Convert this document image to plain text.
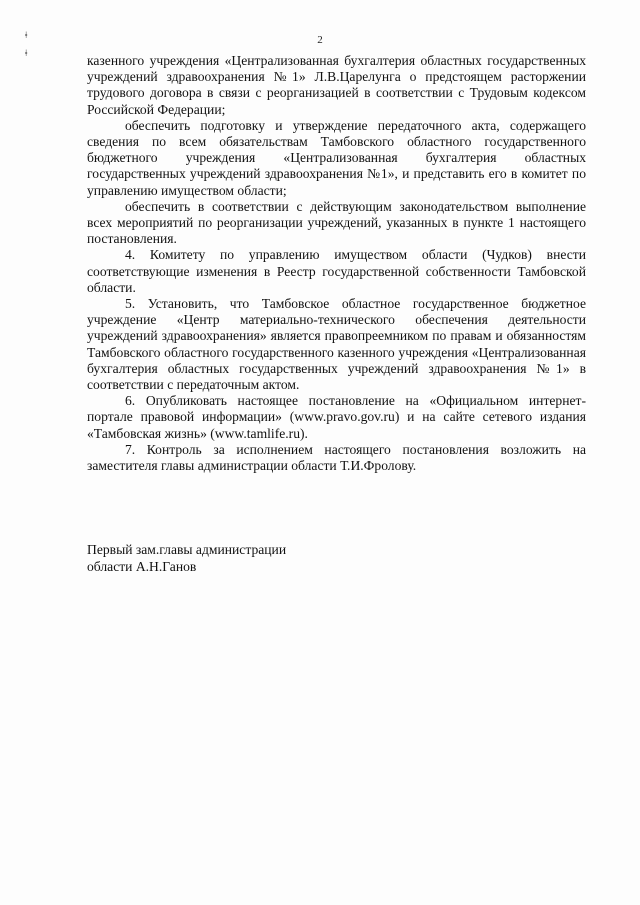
2
ǂ
ǂ	казенного учреждения «Централизованная бухгалтерия областных государственных учреждений здравоохранения №1» Л.В.Царелунга о предстоящем расторжении трудового договора в связи с реорганизацией в соответствии с Трудовым кодексом Российской Федерации;

обеспечить подготовку и утверждение передаточного акта, содержащего сведения по всем обязательствам Тамбовского областного государственного бюджетного учреждения «Централизованная бухгалтерия областных государственных учреждений здравоохранения №1», и представить его в комитет по управлению имуществом области;

обеспечить в соответствии с действующим законодательством выполнение всех мероприятий по реорганизации учреждений, указанных в пункте 1 настоящего постановления.

4. Комитету по управлению имуществом области (Чудков) внести соответствующие изменения в Реестр государственной собственности Тамбовской области.

5. Установить, что Тамбовское областное государственное бюджетное учреждение «Центр материально-технического обеспечения деятельности учреждений здравоохранения» является правопреемником по правам и обязанностям Тамбовского областного государственного казенного учреждения «Централизованная бухгалтерия областных государственных учреждений здравоохранения №1» в соответствии с передаточным актом.

6. Опубликовать настоящее постановление на «Официальном интернет-портале правовой информации» (www.pravo.gov.ru) и на сайте сетевого издания «Тамбовская жизнь» (www.tamlife.ru).

7. Контроль за исполнением настоящего постановления возложить на заместителя главы администрации области Т.И.Фролову.

Первый зам.главы администрации
области А.Н.Ганов
